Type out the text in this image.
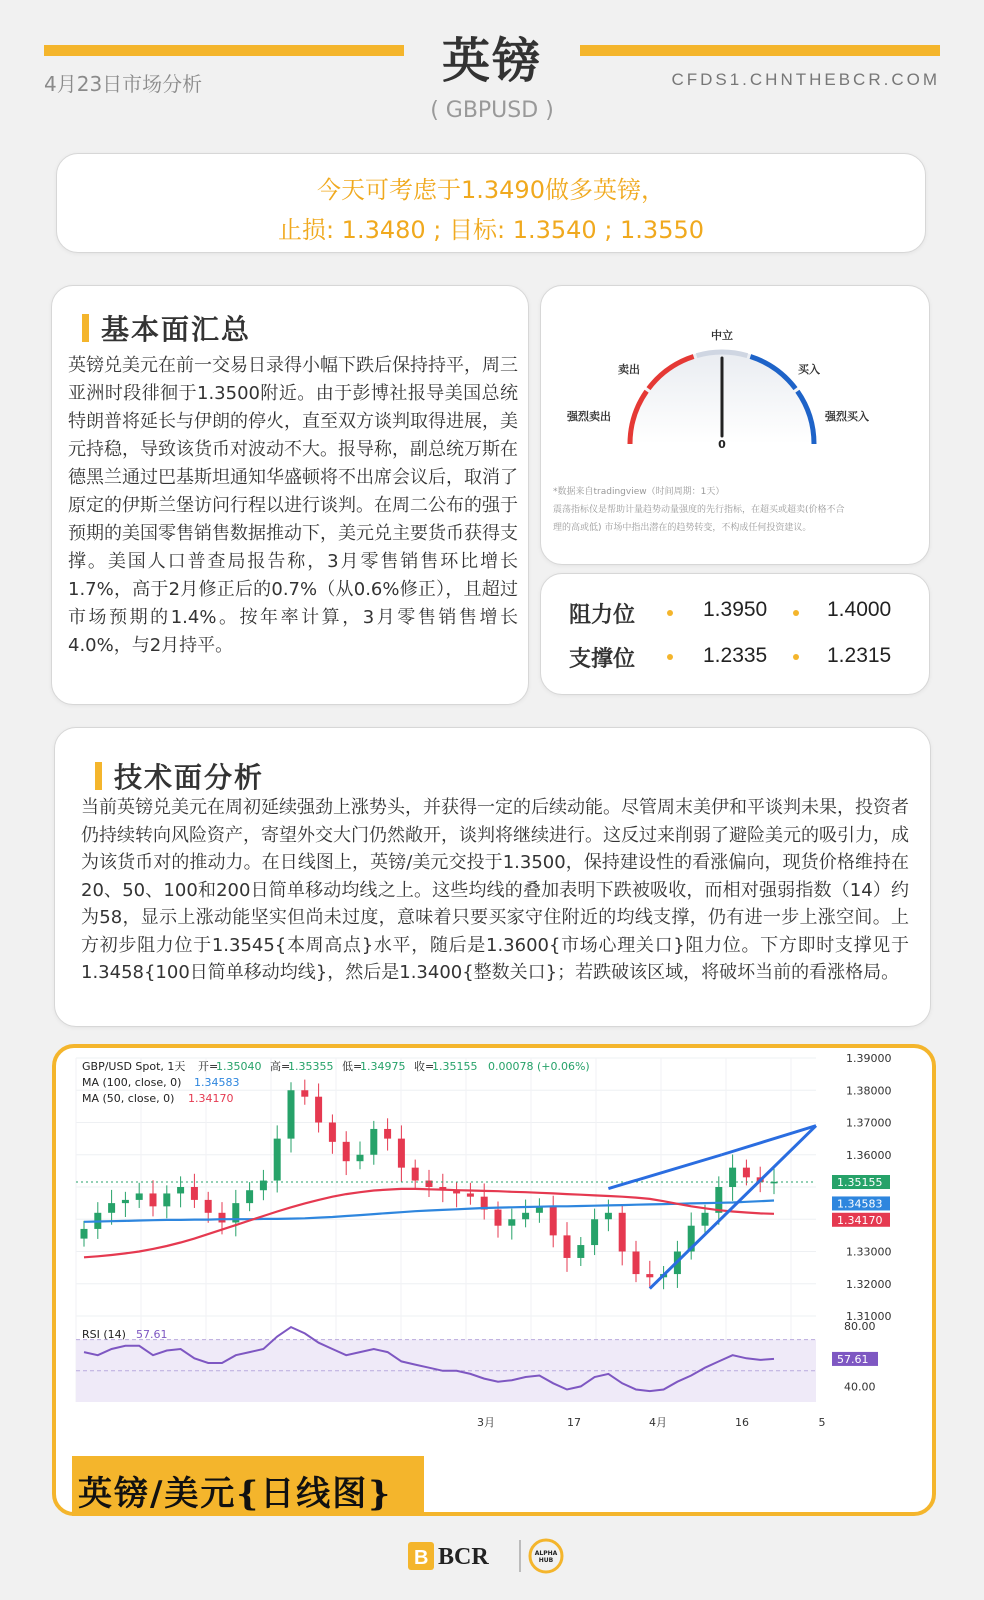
4月23日市场分析	英镑
( GBPUSD )
CFDS1.CHNTHEBCR.COM
今天可考虑于1.3490做多英镑，
止损: 1.3480 ; 目标: 1.3540 ; 1.3550
基本面汇总
英镑兑美元在前一交易日录得小幅下跌后保持持平，周三亚洲时段徘徊于1.3500附近。由于彭博社报导美国总统特朗普将延长与伊朗的停火，直至双方谈判取得进展，美元持稳，导致该货币对波动不大。报导称，副总统万斯在德黑兰通过巴基斯坦通知华盛顿将不出席会议后，取消了原定的伊斯兰堡访问行程以进行谈判。在周二公布的强于预期的美国零售销售数据推动下，美元兑主要货币获得支撑。美国人口普查局报告称，3月零售销售环比增长1.7%，高于2月修正后的0.7%（从0.6%修正），且超过市场预期的1.4%。按年率计算，3月零售销售增长4.0%，与2月持平。
0
中立
卖出	买入
强烈卖出	强烈买入
*数据来自tradingview（时间周期：1天）
震荡指标仪是帮助计量趋势动量强度的先行指标，在超买或超卖(价格不合
理的高或低) 市场中指出潜在的趋势转变，不构成任何投资建议。
阻力位	1.3950	1.4000
支撑位	1.2335	1.2315
技术面分析
当前英镑兑美元在周初延续强劲上涨势头，并获得一定的后续动能。尽管周末美伊和平谈判未果，投资者仍持续转向风险资产，寄望外交大门仍然敞开，谈判将继续进行。这反过来削弱了避险美元的吸引力，成为该货币对的推动力。在日线图上，英镑/美元交投于1.3500，保持建设性的看涨偏向，现货价格维持在20、50、100和200日简单移动均线之上。这些均线的叠加表明下跌被吸收，而相对强弱指数（14）约为58，显示上涨动能坚实但尚未过度，意味着只要买家守住附近的均线支撑，仍有进一步上涨空间。上方初步阻力位于1.3545{本周高点}水平，随后是1.3600{市场心理关口}阻力位。下方即时支撑见于1.3458{100日简单移动均线}，然后是1.3400{整数关口}；若跌破该区域，将破坏当前的看涨格局。
1.39000
1.38000
1.37000
1.36000
1.33000
1.32000
1.31000
1.35155
1.34583
1.34170
GBP/USD Spot, 1天 开=
1.35040 高=
1.35355 低=
1.34975 收=
1.35155 0.00078 (+0.06%)
MA (100, close, 0) 1.34583
MA (50, close, 0) 1.34170
RSI (14) 57.61
80.00
40.00
57.61
3月	17	4月	16	5
英镑/美元{日线图}
B BCR	ALPHA
HUB
